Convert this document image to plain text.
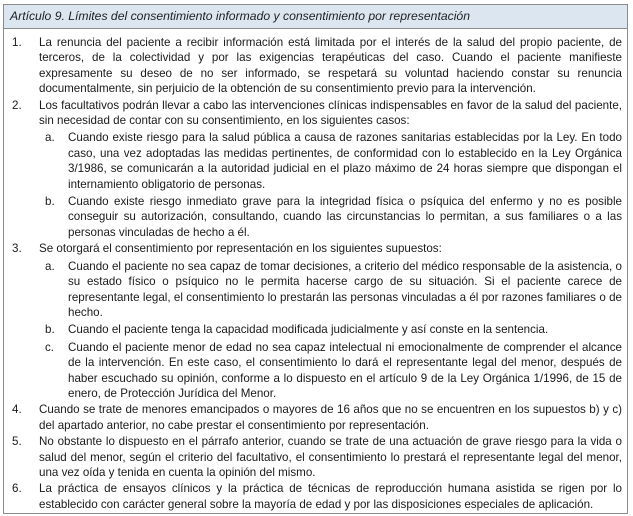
Artículo 9. Límites del consentimiento informado y consentimiento por representación
1.	La renuncia del paciente a recibir información está limitada por el interés de la salud del propio paciente, de terceros, de la colectividad y por las exigencias terapéuticas del caso. Cuando el paciente manifieste expresamente su deseo de no ser informado, se respetará su voluntad haciendo constar su renuncia documentalmente, sin perjuicio de la obtención de su consentimiento previo para la intervención.

2.	Los facultativos podrán llevar a cabo las intervenciones clínicas indispensables en favor de la salud del paciente, sin necesidad de contar con su consentimiento, en los siguientes casos:

a.	Cuando existe riesgo para la salud pública a causa de razones sanitarias establecidas por la Ley. En todo caso, una vez adoptadas las medidas pertinentes, de conformidad con lo establecido en la Ley Orgánica 3/1986, se comunicarán a la autoridad judicial en el plazo máximo de 24 horas siempre que dispongan el internamiento obligatorio de personas.

b.	Cuando existe riesgo inmediato grave para la integridad física o psíquica del enfermo y no es posible conseguir su autorización, consultando, cuando las circunstancias lo permitan, a sus familiares o a las personas vinculadas de hecho a él.

3.	Se otorgará el consentimiento por representación en los siguientes supuestos:

a.	Cuando el paciente no sea capaz de tomar decisiones, a criterio del médico responsable de la asistencia, o su estado físico o psíquico no le permita hacerse cargo de su situación. Si el paciente carece de representante legal, el consentimiento lo prestarán las personas vinculadas a él por razones familiares o de hecho.

b.	Cuando el paciente tenga la capacidad modificada judicialmente y así conste en la sentencia.

c.	Cuando el paciente menor de edad no sea capaz intelectual ni emocionalmente de comprender el alcance de la intervención. En este caso, el consentimiento lo dará el representante legal del menor, después de haber escuchado su opinión, conforme a lo dispuesto en el artículo 9 de la Ley Orgánica 1/1996, de 15 de enero, de Protección Jurídica del Menor.

4.	Cuando se trate de menores emancipados o mayores de 16 años que no se encuentren en los supuestos b) y c) del apartado anterior, no cabe prestar el consentimiento por representación.

5.	No obstante lo dispuesto en el párrafo anterior, cuando se trate de una actuación de grave riesgo para la vida o salud del menor, según el criterio del facultativo, el consentimiento lo prestará el representante legal del menor, una vez oída y tenida en cuenta la opinión del mismo.

6.	La práctica de ensayos clínicos y la práctica de técnicas de reproducción humana asistida se rigen por lo establecido con carácter general sobre la mayoría de edad y por las disposiciones especiales de aplicación.
